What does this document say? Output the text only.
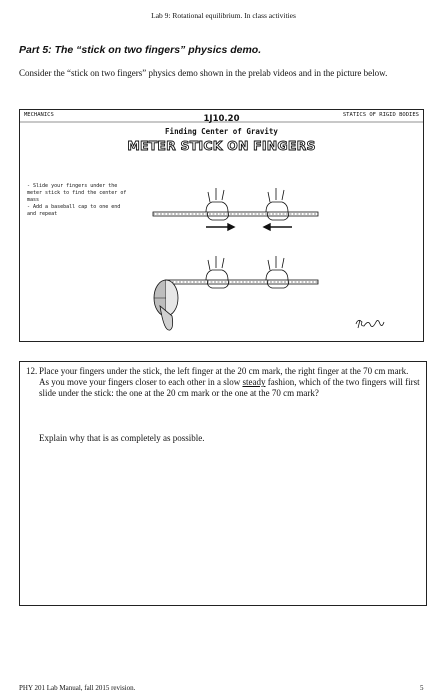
Lab 9: Rotational equilibrium. In class activities
Part 5: The “stick on two fingers” physics demo.
Consider the “stick on two fingers” physics demo shown in the prelab videos and in the picture below.
MECHANICS	1J10.20	STATICS OF RIGID BODIES
Finding Center of Gravity
METER STICK ON FINGERS
- Slide your fingers under the
meter stick to find the center of
mass
- Add a baseball cap to one end
and repeat
12. Place your fingers under the stick, the left finger at the 20 cm mark, the right finger at the 70 cm mark. As you move your fingers closer to each other in a slow steady fashion, which of the two fingers will first slide under the stick: the one at the 20 cm mark or the one at the 70 cm mark?
Explain why that is as completely as possible.
PHY 201 Lab Manual, fall 2015 revision.	5
